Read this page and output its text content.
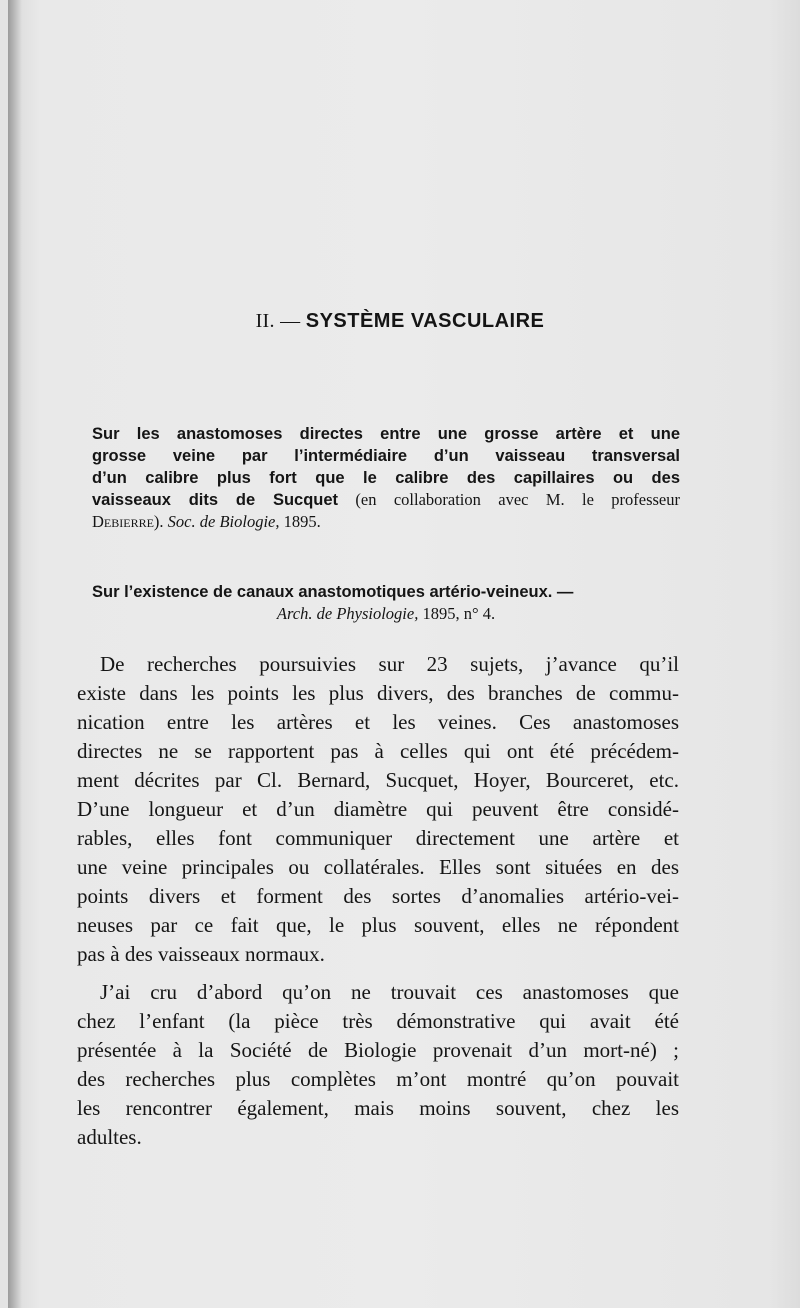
II. — SYSTÈME VASCULAIRE
Sur les anastomoses directes entre une grosse artère et une
grosse veine par l’intermédiaire d’un vaisseau transversal
d’un calibre plus fort que le calibre des capillaires ou des
vaisseaux dits de Sucquet (en collaboration avec M. le professeur
Debierre). Soc. de Biologie, 1895.
Sur l’existence de canaux anastomotiques artério-veineux. —
Arch. de Physiologie, 1895, n° 4.
De recherches poursuivies sur 23 sujets, j’avance qu’il
existe dans les points les plus divers, des branches de commu-
nication entre les artères et les veines. Ces anastomoses
directes ne se rapportent pas à celles qui ont été précédem-
ment décrites par Cl. Bernard, Sucquet, Hoyer, Bourceret, etc.
D’une longueur et d’un diamètre qui peuvent être considé-
rables, elles font communiquer directement une artère et
une veine principales ou collatérales. Elles sont situées en des
points divers et forment des sortes d’anomalies artério-vei-
neuses par ce fait que, le plus souvent, elles ne répondent
pas à des vaisseaux normaux.
J’ai cru d’abord qu’on ne trouvait ces anastomoses que
chez l’enfant (la pièce très démonstrative qui avait été
présentée à la Société de Biologie provenait d’un mort-né) ;
des recherches plus complètes m’ont montré qu’on pouvait
les rencontrer également, mais moins souvent, chez les
adultes.
